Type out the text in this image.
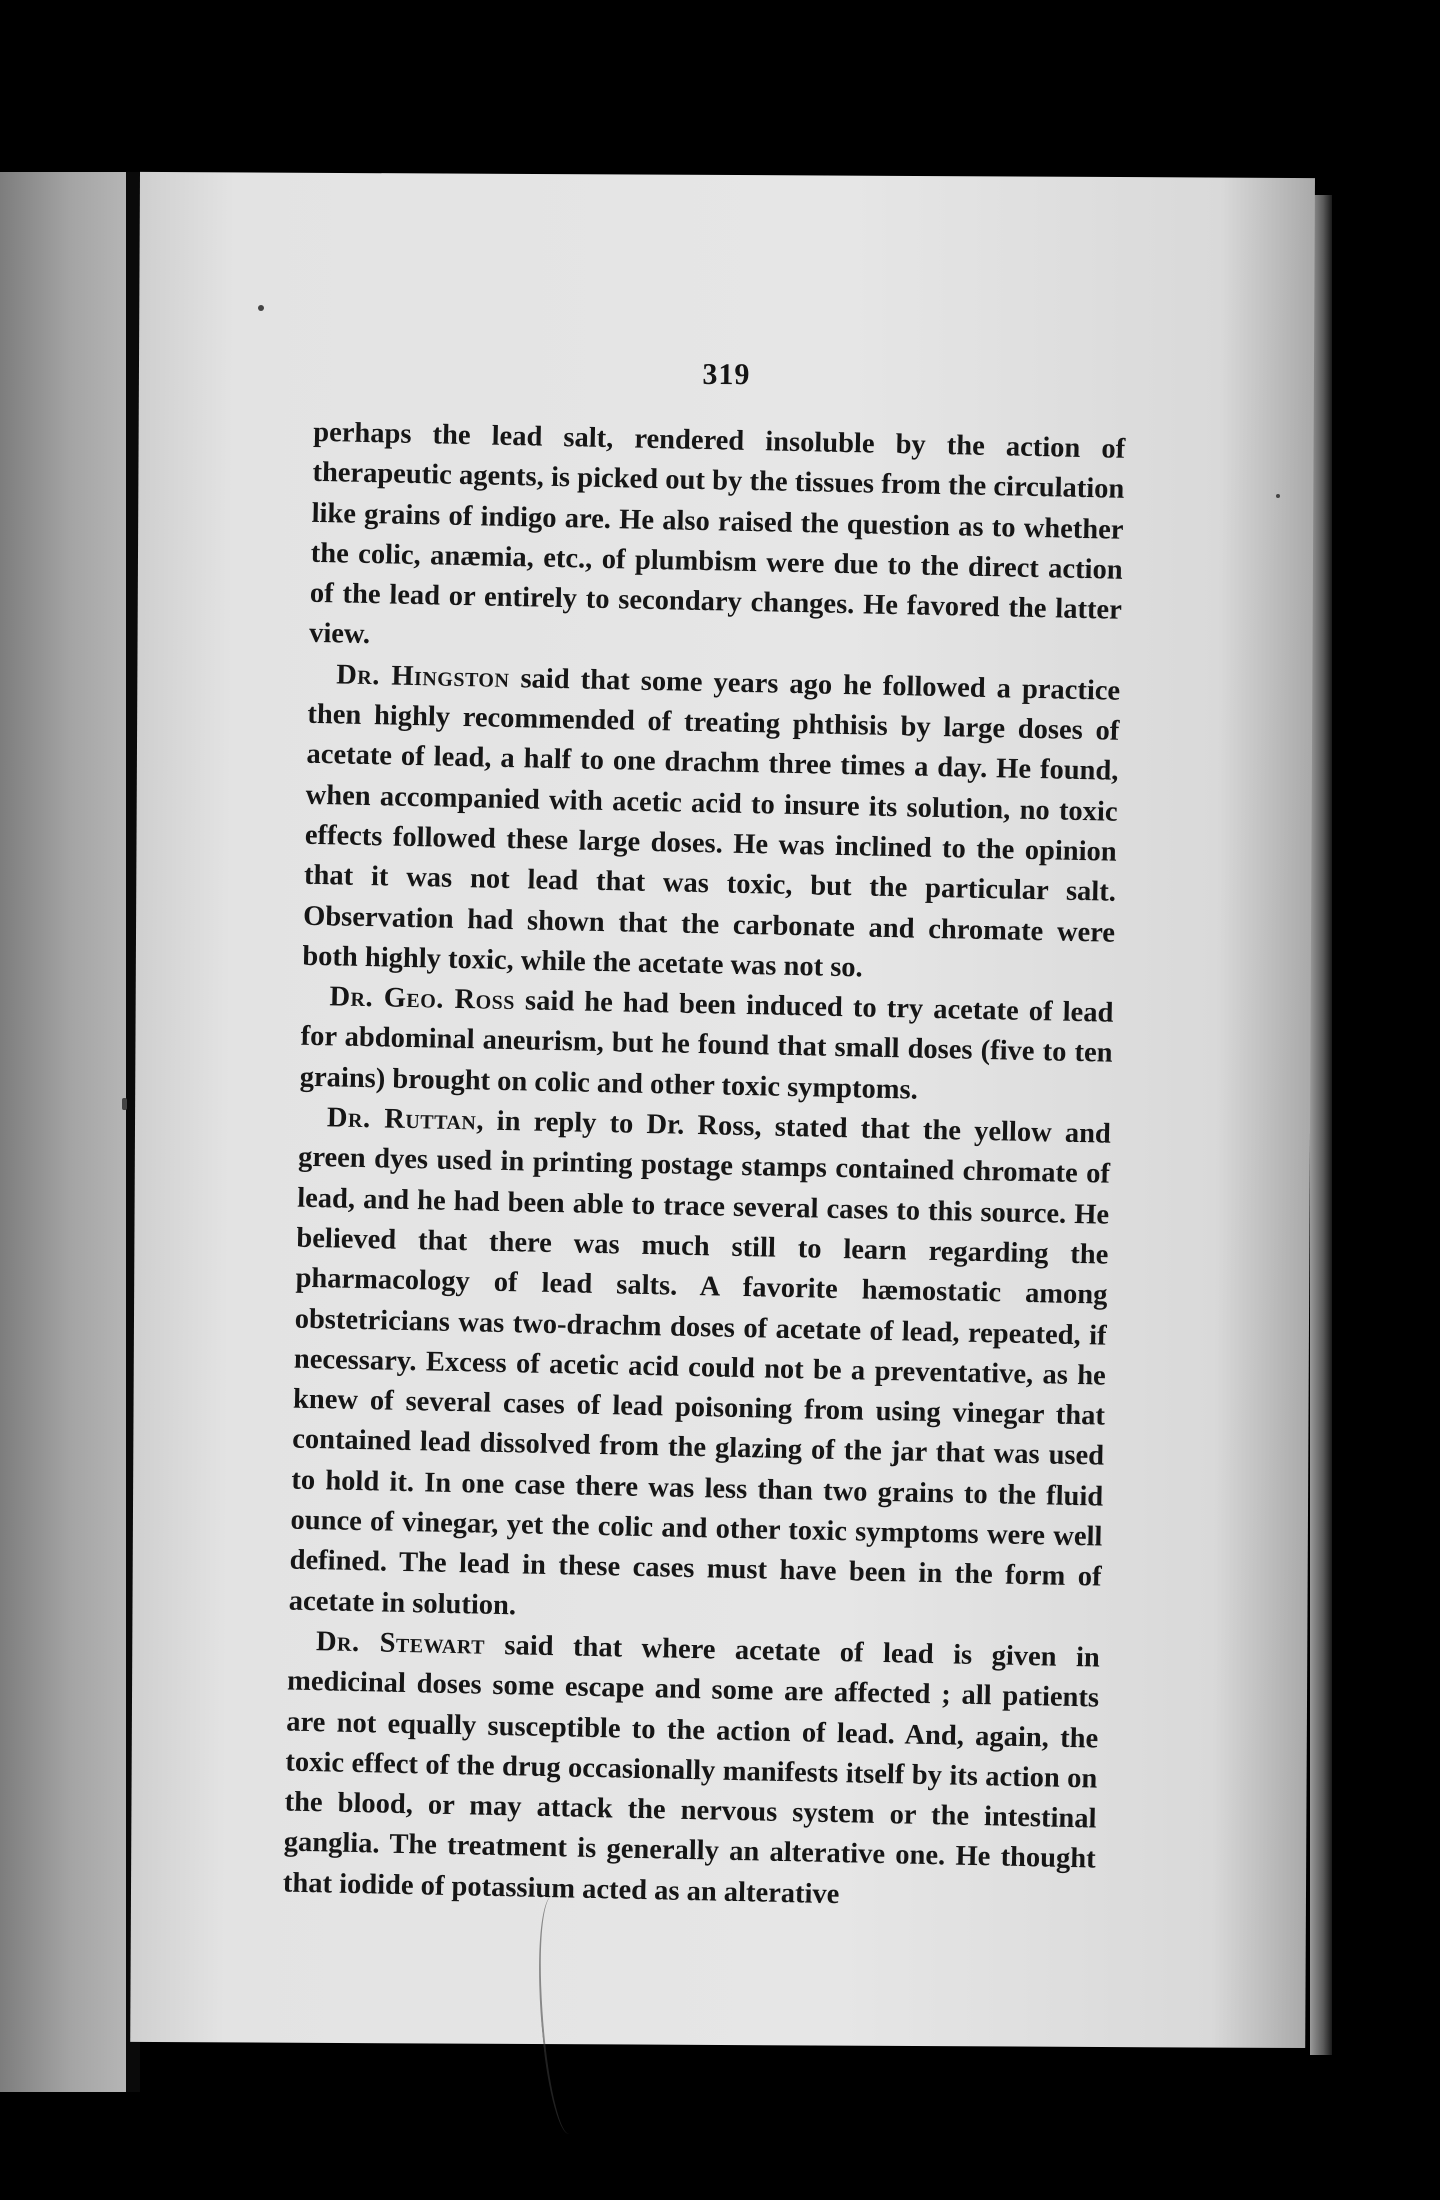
319

perhaps the lead salt, rendered insoluble by the action of therapeutic agents, is picked out by the tissues from the circulation like grains of indigo are. He also raised the question as to whether the colic, anæmia, etc., of plumbism were due to the direct action of the lead or entirely to secondary changes. He favored the latter view.

Dr. Hingston said that some years ago he followed a practice then highly recommended of treating phthisis by large doses of acetate of lead, a half to one drachm three times a day. He found, when accompanied with acetic acid to insure its solution, no toxic effects followed these large doses. He was inclined to the opinion that it was not lead that was toxic, but the particular salt. Observation had shown that the carbonate and chromate were both highly toxic, while the acetate was not so.

Dr. Geo. Ross said he had been induced to try acetate of lead for abdominal aneurism, but he found that small doses (five to ten grains) brought on colic and other toxic symptoms.

Dr. Ruttan, in reply to Dr. Ross, stated that the yellow and green dyes used in printing postage stamps contained chromate of lead, and he had been able to trace several cases to this source. He believed that there was much still to learn regarding the pharmacology of lead salts. A favorite hæmostatic among obstetricians was two-drachm doses of acetate of lead, repeated, if necessary. Excess of acetic acid could not be a preventative, as he knew of several cases of lead poisoning from using vinegar that contained lead dissolved from the glazing of the jar that was used to hold it. In one case there was less than two grains to the fluid ounce of vinegar, yet the colic and other toxic symptoms were well defined. The lead in these cases must have been in the form of acetate in solution.

Dr. Stewart said that where acetate of lead is given in medicinal doses some escape and some are affected ; all patients are not equally susceptible to the action of lead. And, again, the toxic effect of the drug occasionally manifests itself by its action on the blood, or may attack the nervous system or the intestinal ganglia. The treatment is generally an alterative one. He thought that iodide of potassium acted as an alterative
